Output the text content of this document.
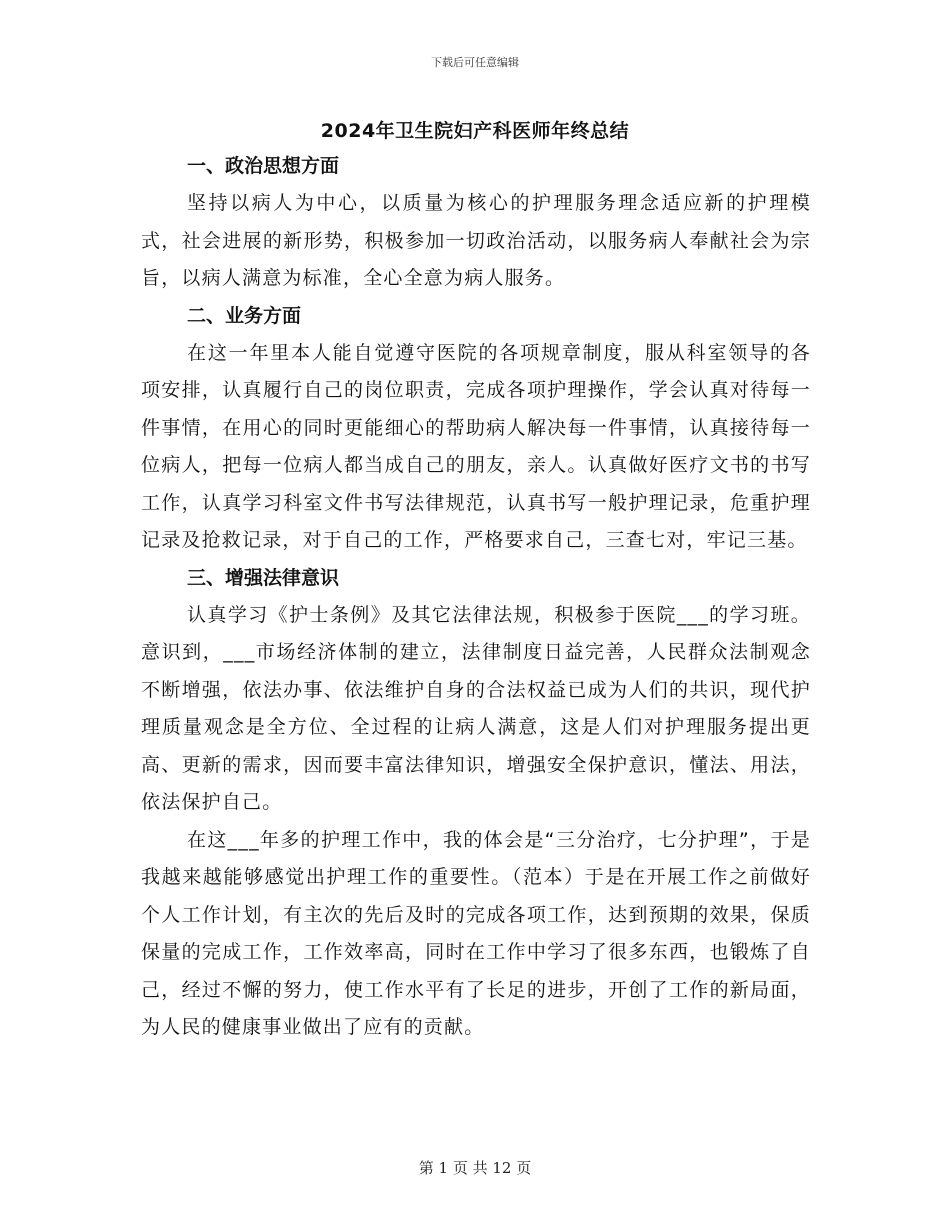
下载后可任意编辑
2024年卫生院妇产科医师年终总结

一、政治思想方面

坚持以病人为中心，以质量为核心的护理服务理念适应新的护理模式，社会进展的新形势，积极参加一切政治活动，以服务病人奉献社会为宗旨，以病人满意为标准，全心全意为病人服务。

二、业务方面

在这一年里本人能自觉遵守医院的各项规章制度，服从科室领导的各项安排，认真履行自己的岗位职责，完成各项护理操作，学会认真对待每一件事情，在用心的同时更能细心的帮助病人解决每一件事情，认真接待每一位病人，把每一位病人都当成自己的朋友，亲人。认真做好医疗文书的书写工作，认真学习科室文件书写法律规范，认真书写一般护理记录，危重护理记录及抢救记录，对于自己的工作，严格要求自己，三查七对，牢记三基。

三、增强法律意识

认真学习《护士条例》及其它法律法规，积极参于医院___的学习班。意识到，___市场经济体制的建立，法律制度日益完善，人民群众法制观念不断增强，依法办事、依法维护自身的合法权益已成为人们的共识，现代护理质量观念是全方位、全过程的让病人满意，这是人们对护理服务提出更高、更新的需求，因而要丰富法律知识，增强安全保护意识，懂法、用法，依法保护自己。

在这___年多的护理工作中，我的体会是“三分治疗，七分护理”，于是我越来越能够感觉出护理工作的重要性。（范本）于是在开展工作之前做好个人工作计划，有主次的先后及时的完成各项工作，达到预期的效果，保质保量的完成工作，工作效率高，同时在工作中学习了很多东西，也锻炼了自己，经过不懈的努力，使工作水平有了长足的进步，开创了工作的新局面，为人民的健康事业做出了应有的贡献。

第 1 页 共 12 页
